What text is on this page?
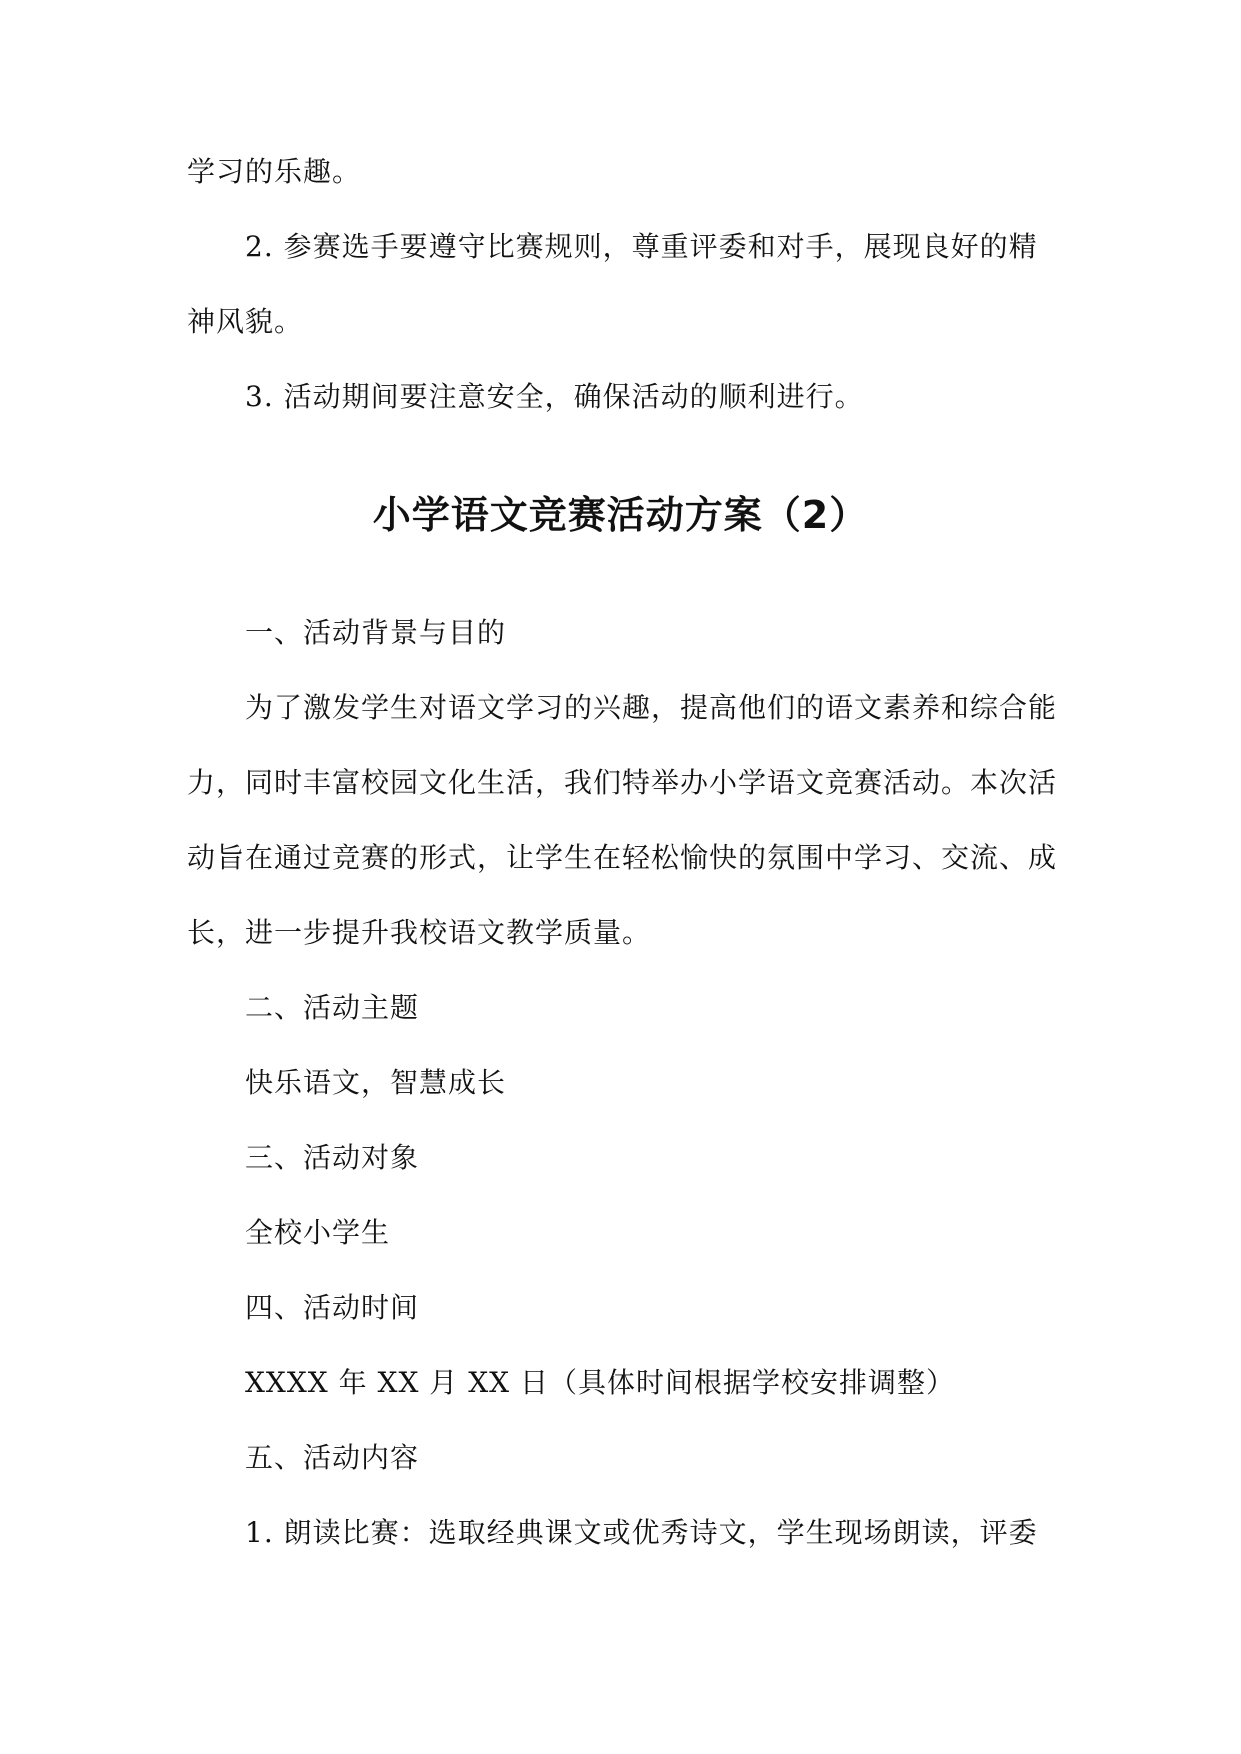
学习的乐趣。
2. 参赛选手要遵守比赛规则，尊重评委和对手，展现良好的精
神风貌。
3. 活动期间要注意安全，确保活动的顺利进行。
小学语文竞赛活动方案（2）
一、活动背景与目的
为了激发学生对语文学习的兴趣，提高他们的语文素养和综合能
力，同时丰富校园文化生活，我们特举办小学语文竞赛活动。本次活
动旨在通过竞赛的形式，让学生在轻松愉快的氛围中学习、交流、成
长，进一步提升我校语文教学质量。
二、活动主题
快乐语文，智慧成长
三、活动对象
全校小学生
四、活动时间
XXXX 年 XX 月 XX 日（具体时间根据学校安排调整）
五、活动内容
1. 朗读比赛：选取经典课文或优秀诗文，学生现场朗读，评委
